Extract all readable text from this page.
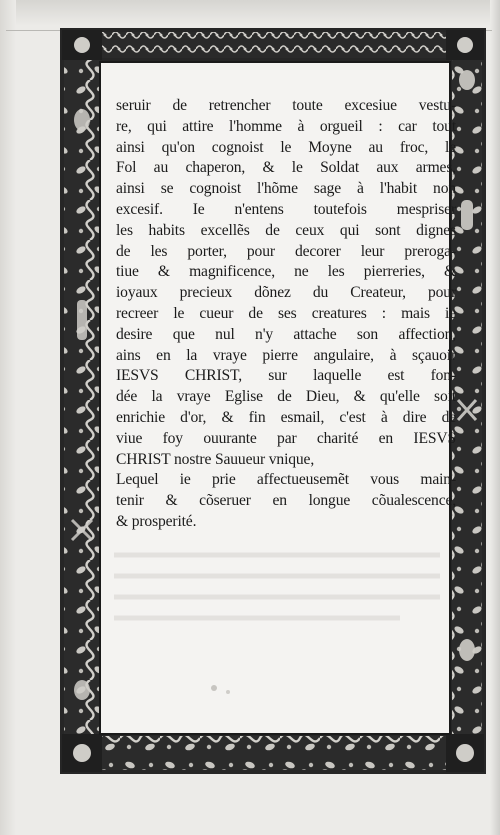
seruir de retrencher toute excesiue vestu-
re, qui attire l'homme à orgueil : car tout
ainsi qu'on cognoist le Moyne au froc, le
Fol au chaperon, & le Soldat aux armes,
ainsi se cognoist l'hõme sage à l'habit non
excesif. Ie n'entens toutefois mespriser
les habits excellẽs de ceux qui sont dignes
de les porter, pour decorer leur preroga-
tiue & magnificence, ne les pierreries, &
ioyaux precieux dõnez du Createur, pour
recreer le cueur de ses creatures : mais ie
desire que nul n'y attache son affection,
ains en la vraye pierre angulaire, à sçauoir
IESVS CHRIST, sur laquelle est fon-
dée la vraye Eglise de Dieu, & qu'elle soit
enrichie d'or, & fin esmail, c'est à dire de
viue foy ouurante par charité en IESVS
CHRIST nostre Sauueur vnique,
Lequel ie prie affectueusemẽt vous main-
tenir & cõseruer en longue cõualescence,
& prosperité.
